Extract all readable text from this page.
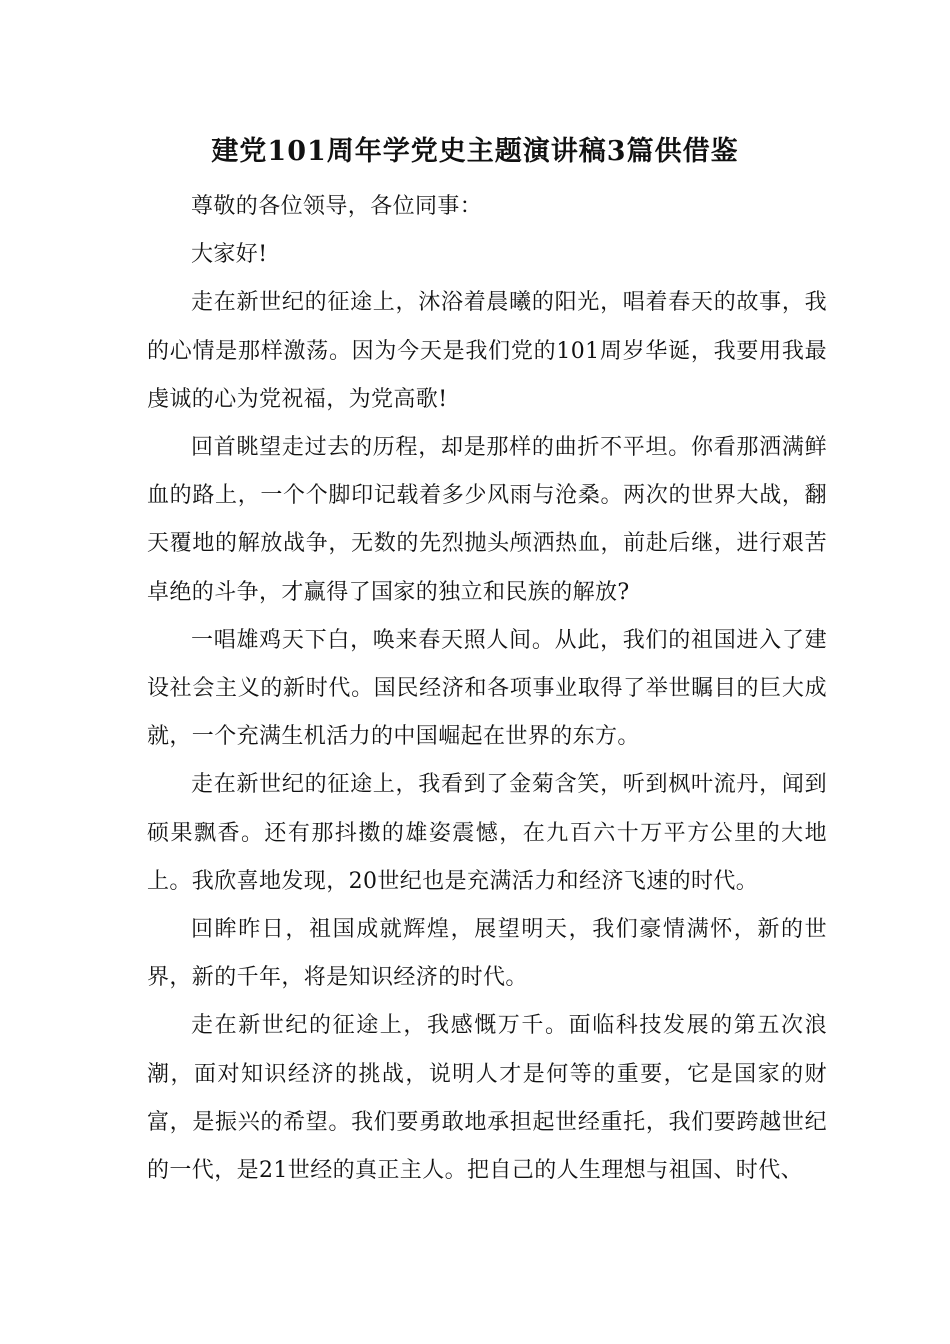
建党101周年学党史主题演讲稿3篇供借鉴

尊敬的各位领导，各位同事：

大家好!

走在新世纪的征途上，沐浴着晨曦的阳光，唱着春天的故事，我的心情是那样激荡。因为今天是我们党的101周岁华诞，我要用我最虔诚的心为党祝福，为党高歌!

回首眺望走过去的历程，却是那样的曲折不平坦。你看那洒满鲜血的路上，一个个脚印记载着多少风雨与沧桑。两次的世界大战，翻天覆地的解放战争，无数的先烈抛头颅洒热血，前赴后继，进行艰苦卓绝的斗争，才赢得了国家的独立和民族的解放?

一唱雄鸡天下白，唤来春天照人间。从此，我们的祖国进入了建设社会主义的新时代。国民经济和各项事业取得了举世瞩目的巨大成就，一个充满生机活力的中国崛起在世界的东方。

走在新世纪的征途上，我看到了金菊含笑，听到枫叶流丹，闻到硕果飘香。还有那抖擞的雄姿震憾，在九百六十万平方公里的大地上。我欣喜地发现，20世纪也是充满活力和经济飞速的时代。

回眸昨日，祖国成就辉煌，展望明天，我们豪情满怀，新的世界，新的千年，将是知识经济的时代。

走在新世纪的征途上，我感慨万千。面临科技发展的第五次浪潮，面对知识经济的挑战，说明人才是何等的重要，它是国家的财富，是振兴的希望。我们要勇敢地承担起世经重托，我们要跨越世纪的一代，是21世经的真正主人。把自己的人生理想与祖国、时代、
